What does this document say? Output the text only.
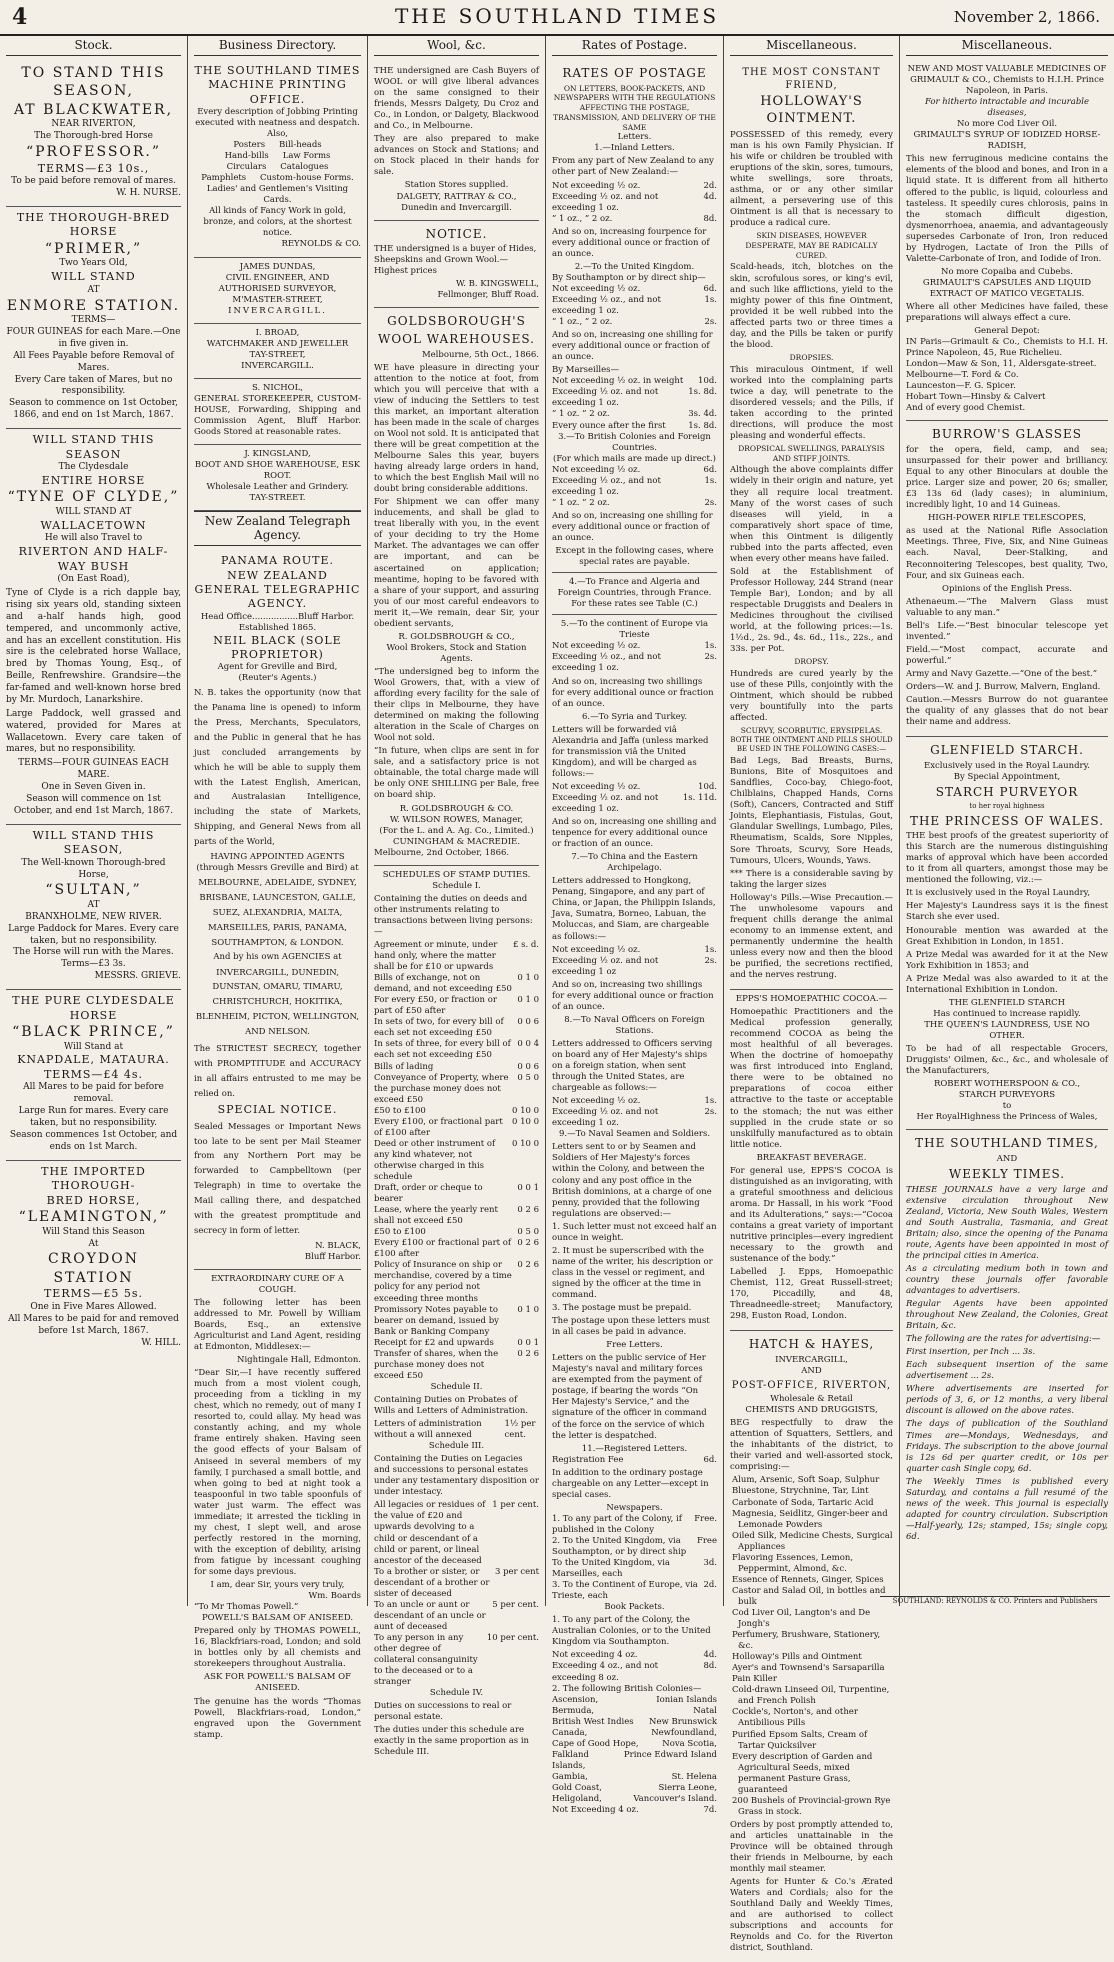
4	THE SOUTHLAND TIMES	November 2, 1866.
Stock.
TO STAND THIS SEASON,
AT BLACKWATER,
NEAR RIVERTON,
The Thorough-bred Horse
“PROFESSOR.”
TERMS—£3 10s.,
To be paid before removal of mares.
W. H. NURSE.
THE THOROUGH-BRED HORSE
“PRIMER,”
Two Years Old,
WILL STAND
AT
ENMORE STATION.
TERMS—
FOUR GUINEAS for each Mare.—One in five given in.
All Fees Payable before Removal of Mares.
Every Care taken of Mares, but no responsibility.
Season to commence on 1st October, 1866, and end on 1st March, 1867.
WILL STAND THIS SEASON
The Clydesdale
ENTIRE HORSE
“TYNE OF CLYDE,”
WILL STAND AT
WALLACETOWN
He will also Travel to
RIVERTON AND HALF-WAY BUSH
(On East Road),

Tyne of Clyde is a rich dapple bay, rising six years old, standing sixteen and a-half hands high, good tempered, and uncommonly active, and has an excellent constitution. His sire is the celebrated horse Wallace, bred by Thomas Young, Esq., of Beille, Renfrewshire. Grandsire—the far-famed and well-known horse bred by Mr. Murdoch, Lanarkshire.

Large Paddock, well grassed and watered, provided for Mares at Wallacetown. Every care taken of mares, but no responsibility.

TERMS—FOUR GUINEAS EACH MARE.
One in Seven Given in.
Season will commence on 1st October, and end 1st March, 1867.
WILL STAND THIS SEASON,
The Well-known Thorough-bred Horse,
“SULTAN,”
AT
BRANXHOLME, NEW RIVER.
Large Paddock for Mares. Every care taken, but no responsibility.
The Horse will run with the Mares.
Terms—£3 3s.
MESSRS. GRIEVE.
THE PURE CLYDESDALE HORSE
“BLACK PRINCE,”
Will Stand at
KNAPDALE, MATAURA.
TERMS—£4 4s.
All Mares to be paid for before removal.
Large Run for mares. Every care taken, but no responsibility.
Season commences 1st October, and ends on 1st March.
THE IMPORTED THOROUGH-
BRED HORSE,
“LEAMINGTON,”
Will Stand this Season
At
CROYDON STATION
TERMS—£5 5s.
One in Five Mares Allowed.
All Mares to be paid for and removed before 1st March, 1867.
W. HILL.
Business Directory.
THE SOUTHLAND TIMES
MACHINE PRINTING OFFICE.
Every description of Jobbing Printing executed with neatness and despatch.
Also,
Posters   Bill-heads
Hand-bills   Law Forms
Circulars   Catalogues
Pamphlets   Custom-house Forms.
Ladies' and Gentlemen's Visiting Cards.
All kinds of Fancy Work in gold, bronze, and colors, at the shortest notice.
REYNOLDS & CO.
JAMES DUNDAS,
CIVIL ENGINEER, AND AUTHORISED SURVEYOR,
M'MASTER-STREET,
INVERCARGILL.
I. BROAD,
WATCHMAKER AND JEWELLER
TAY-STREET,
INVERCARGILL.
S. NICHOL,
GENERAL STOREKEEPER, CUSTOM-HOUSE, Forwarding, Shipping and Commission Agent, Bluff Harbor. Goods Stored at reasonable rates.
J. KINGSLAND,
BOOT AND SHOE WAREHOUSE, ESK ROOT.
Wholesale Leather and Grindery.
TAY-STREET.
New Zealand Telegraph Agency.
PANAMA ROUTE.
NEW ZEALAND GENERAL TELEGRAPHIC AGENCY.
Head Office.................Bluff Harbor.
Established 1865.
NEIL BLACK (SOLE PROPRIETOR)
Agent for Greville and Bird,
(Reuter's Agents.)

N. B. takes the opportunity (now that the Panama line is opened) to inform the Press, Merchants, Speculators, and the Public in general that he has just concluded arrangements by which he will be able to supply them with the Latest English, American, and Australasian Intelligence, including the state of Markets, Shipping, and General News from all parts of the World,

HAVING APPOINTED AGENTS
(through Messrs Greville and Bird) at

MELBOURNE, ADELAIDE, SYDNEY, BRISBANE, LAUNCESTON, GALLE, SUEZ, ALEXANDRIA, MALTA, MARSEILLES, PARIS, PANAMA, SOUTHAMPTON, & LONDON.

And by his own AGENCIES at

INVERCARGILL, DUNEDIN, DUNSTAN, OMARU, TIMARU, CHRISTCHURCH, HOKITIKA, BLENHEIM, PICTON, WELLINGTON, AND NELSON.

The STRICTEST SECRECY, together with PROMPTITUDE and ACCURACY in all affairs entrusted to me may be relied on.

SPECIAL NOTICE.

Sealed Messages or Important News too late to be sent per Mail Steamer from any Northern Port may be forwarded to Campbelltown (per Telegraph) in time to overtake the Mail calling there, and despatched with the greatest promptitude and secrecy in form of letter.

N. BLACK,
Bluff Harbor.
EXTRAORDINARY CURE OF A COUGH.

The following letter has been addressed to Mr. Powell by William Boards, Esq., an extensive Agriculturist and Land Agent, residing at Edmonton, Middlesex:—

Nightingale Hall, Edmonton.

“Dear Sir,—I have recently suffered much from a most violent cough, proceeding from a tickling in my chest, which no remedy, out of many I resorted to, could allay. My head was constantly aching, and my whole frame entirely shaken. Having seen the good effects of your Balsam of Aniseed in several members of my family, I purchased a small bottle, and when going to bed at night took a teaspoonful in two table spoonfuls of water just warm. The effect was immediate; it arrested the tickling in my chest, I slept well, and arose perfectly restored in the morning, with the exception of debility, arising from fatigue by incessant coughing for some days previous.

I am, dear Sir, yours very truly,
Wm. Boards
“To Mr Thomas Powell.”
POWELL'S BALSAM OF ANISEED.

Prepared only by THOMAS POWELL, 16, Blackfriars-road, London; and sold in bottles only by all chemists and storekeepers throughout Australia.

ASK FOR POWELL'S BALSAM OF ANISEED.

The genuine has the words “Thomas Powell, Blackfriars-road, London,” engraved upon the Government stamp.

Wool, &c.

THE undersigned are Cash Buyers of WOOL or will give liberal advances on the same consigned to their friends, Messrs Dalgety, Du Croz and Co., in London, or Dalgety, Blackwood and Co., in Melbourne.

They are also prepared to make advances on Stock and Stations; and on Stock placed in their hands for sale.

Station Stores supplied.
DALGETY, RATTRAY & CO.,
Dunedin and Invercargill.
NOTICE.

THE undersigned is a buyer of Hides, Sheepskins and Grown Wool.—Highest prices

W. B. KINGSWELL,
Fellmonger, Bluff Road.
GOLDSBOROUGH'S
WOOL WAREHOUSES.
Melbourne, 5th Oct., 1866.

WE have pleasure in directing your attention to the notice at foot, from which you will perceive that with a view of inducing the Settlers to test this market, an important alteration has been made in the scale of charges on Wool not sold. It is anticipated that there will be great competition at the Melbourne Sales this year, buyers having already large orders in hand, to which the best English Mail will no doubt bring considerable additions.

For Shipment we can offer many inducements, and shall be glad to treat liberally with you, in the event of your deciding to try the Home Market. The advantages we can offer are important, and can be ascertained on application; meantime, hoping to be favored with a share of your support, and assuring you of our most careful endeavors to merit it,—We remain, dear Sir, your obedient servants,

R. GOLDSBROUGH & CO.,
Wool Brokers, Stock and Station Agents.

“The undersigned beg to inform the Wool Growers, that, with a view of affording every facility for the sale of their clips in Melbourne, they have determined on making the following alteration in the Scale of Charges on Wool not sold.

“In future, when clips are sent in for sale, and a satisfactory price is not obtainable, the total charge made will be only ONE SHILLING per Bale, free on board ship.

R. GOLDSBROUGH & CO.
W. WILSON ROWES, Manager,
(For the L. and A. Ag. Co., Limited.)
CUNINGHAM & MACREDIE.
Melbourne, 2nd October, 1866.
SCHEDULES OF STAMP DUTIES.
Schedule I.

Containing the duties on deeds and other instruments relating to transactions between living persons:—

Agreement or minute, under hand only, where the matter shall be for £10 or upwards
£ s. d.
Bills of exchange, not on demand, and not exceeding £50
0 1 0
For every £50, or fraction or part of £50 after
0 1 0
In sets of two, for every bill of each set not exceeding £50
0 0 6
In sets of three, for every bill of each set not exceeding £50
0 0 4
Bills of lading	0 0 6
Conveyance of Property, where the purchase money does not exceed £50
0 5 0
£50 to £100	0 10 0
Every £100, or fractional part of £100 after
0 10 0
Deed or other instrument of any kind whatever, not otherwise charged in this schedule
0 10 0
Draft, order or cheque to bearer
0 0 1
Lease, where the yearly rent shall not exceed £50
0 2 6
£50 to £100	0 5 0
Every £100 or fractional part of £100 after
0 2 6
Policy of Insurance on ship or merchandise, covered by a time policy for any period not exceeding three months
0 2 6
Promissory Notes payable to bearer on demand, issued by Bank or Banking Company
0 1 0
Receipt for £2 and upwards	0 0 1
Transfer of shares, when the purchase money does not exceed £50
0 2 6
Schedule II.

Containing Duties on Probates of Wills and Letters of Administration.

Letters of administration without a will annexed
1½ per cent.
Schedule III.

Containing the Duties on Legacies and successions to personal estates under any testamentary disposition or under intestacy.

All legacies or residues of the value of £20 and upwards devolving to a child or descendant of a child or parent, or lineal ancestor of the deceased
1 per cent.
To a brother or sister, or descendant of a brother or sister of deceased
3 per cent
To an uncle or aunt or descendant of an uncle or aunt of deceased
5 per cent.
To any person in any other degree of collateral consanguinity to the deceased or to a stranger
10 per cent.
Schedule IV.

Duties on successions to real or personal estate.

The duties under this schedule are exactly in the same proportion as in Schedule III.

Rates of Postage.
RATES OF POSTAGE
ON LETTERS, BOOK-PACKETS, AND NEWSPAPERS WITH THE REGULATIONS AFFECTING THE POSTAGE, TRANSMISSION, AND DELIVERY OF THE SAME
Letters.
1.—Inland Letters.

From any part of New Zealand to any other part of New Zealand:—

Not exceeding ½ oz.	2d.
Exceeding ½ oz. and not exceeding 1 oz.
4d.
” 1 oz., ” 2 oz.	8d.

And so on, increasing fourpence for every additional ounce or fraction of an ounce.

2.—To the United Kingdom.
By Southampton or by direct ship—
Not exceeding ½ oz.	6d.
Exceeding ½ oz., and not exceeding 1 oz.
1s.
” 1 oz., ” 2 oz.	2s.

And so on, increasing one shilling for every additional ounce or fraction of an ounce.

By Marseilles—
Not exceeding ½ oz. in weight 10d.
Exceeding ½ oz. and not exceeding 1 oz.
1s. 8d.
” 1 oz. ” 2 oz.	3s. 4d.
Every ounce after the first	1s. 8d.
3.—To British Colonies and Foreign Countries.
(For which mails are made up direct.)
Not exceeding ½ oz.	6d.
Exceeding ½ oz., and not exceeding 1 oz.
1s.
” 1 oz. ” 2 oz.	2s.

And so on, increasing one shilling for every additional ounce or fraction of an ounce.

Except in the following cases, where special rates are payable.

4.—To France and Algeria and Foreign Countries, through France.
For these rates see Table (C.)
5.—To the continent of Europe via Trieste
Not exceeding ½ oz.	1s.
Exceeding ½ oz., and not exceeding 1 oz.
2s.

And so on, increasing two shillings for every additional ounce or fraction of an ounce.

6.—To Syria and Turkey.

Letters will be forwarded viâ Alexandria and Jaffa (unless marked for transmission viâ the United Kingdom), and will be charged as follows:—

Not exceeding ½ oz.	10d.
Exceeding ½ oz. and not exceeding 1 oz.
1s. 11d.

And so on, increasing one shilling and tenpence for every additional ounce or fraction of an ounce.

7.—To China and the Eastern Archipelago.

Letters addressed to Hongkong, Penang, Singapore, and any part of China, or Japan, the Philippin Islands, Java, Sumatra, Borneo, Labuan, the Moluccas, and Siam, are chargeable as follows:—

Not exceeding ½ oz.	1s.
Exceeding ½ oz. and not exceeding 1 oz
2s.

And so on, increasing two shillings for every additional ounce or fraction of an ounce.

8.—To Naval Officers on Foreign Stations.

Letters addressed to Officers serving on board any of Her Majesty's ships on a foreign station, when sent through the United States, are chargeable as follows:—

Not exceeding ½ oz.	1s.
Exceeding ½ oz. and not exceeding 1 oz.
2s.
9.—To Naval Seamen and Soldiers.

Letters sent to or by Seamen and Soldiers of Her Majesty's forces within the Colony, and between the colony and any post office in the British dominions, at a charge of one penny, provided that the following regulations are observed:—

1. Such letter must not exceed half an ounce in weight.

2. It must be superscribed with the name of the writer, his description or class in the vessel or regiment, and signed by the officer at the time in command.

3. The postage must be prepaid.

The postage upon these letters must in all cases be paid in advance.

Free Letters.

Letters on the public service of Her Majesty's naval and military forces are exempted from the payment of postage, if bearing the words “On Her Majesty's Service,” and the signature of the officer in command of the force on the service of which the letter is despatched.

11.—Registered Letters.
Registration Fee	6d.

In addition to the ordinary postage chargeable on any Letter—except in special cases.

Newspapers.
1. To any part of the Colony, if published in the Colony
Free.
2. To the United Kingdom, via Southampton, or by direct ship
Free
To the United Kingdom, via Marseilles, each
3d.
3. To the Continent of Europe, via Trieste, each
2d.
Book Packets.

1. To any part of the Colony, the Australian Colonies, or to the United Kingdom via Southampton.

Not exceeding 4 oz.	4d.
Exceeding 4 oz., and not exceeding 8 oz.
8d.
2. The following British Colonies—
Ascension,	Ionian Islands
Bermuda,	Natal
British West Indies New Brunswick
Canada,	Newfoundland,
Cape of Good Hope,	Nova Scotia,
Falkland Islands,
Prince Edward Island
Gambia,	St. Helena
Gold Coast,	Sierra Leone,
Heligoland,	Vancouver's Island.
Not Exceeding 4 oz.	7d.
Miscellaneous.
THE MOST CONSTANT FRIEND,
HOLLOWAY'S OINTMENT.

POSSESSED of this remedy, every man is his own Family Physician. If his wife or children be troubled with eruptions of the skin, sores, tumours, white swellings, sore throats, asthma, or or any other similar ailment, a persevering use of this Ointment is all that is necessary to produce a radical cure.

SKIN DISEASES, HOWEVER DESPERATE, MAY BE RADICALLY CURED.

Scald-heads, itch, blotches on the skin, scrofulous sores, or king's evil, and such like afflictions, yield to the mighty power of this fine Ointment, provided it be well rubbed into the affected parts two or three times a day, and the Pills be taken or purify the blood.

DROPSIES.

This miraculous Ointment, if well worked into the complaining parts twice a day, will penetrate to the disordered vessels; and the Pills, if taken according to the printed directions, will produce the most pleasing and wonderful effects.

DROPSICAL SWELLINGS, PARALYSIS AND STIFF JOINTS.

Although the above complaints differ widely in their origin and nature, yet they all require local treatment. Many of the worst cases of such diseases will yield, in a comparatively short space of time, when this Ointment is diligently rubbed into the parts affected, even when every other means have failed.

Sold at the Establishment of Professor Holloway, 244 Strand (near Temple Bar), London; and by all respectable Druggists and Dealers in Medicines throughout the civilised world, at the following prices:—1s. 1½d., 2s. 9d., 4s. 6d., 11s., 22s., and 33s. per Pot.

DROPSY.

Hundreds are cured yearly by the use of these Pills, conjointly with the Ointment, which should be rubbed very bountifully into the parts affected.

SCURVY, SCORBUTIC, ERYSIPELAS.
BOTH THE OINTMENT AND PILLS SHOULD BE USED IN THE FOLLOWING CASES:—

Bad Legs, Bad Breasts, Burns, Bunions, Bite of Mosquitoes and Sandflies, Coco-bay, Chiego-foot, Chilblains, Chapped Hands, Corns (Soft), Cancers, Contracted and Stiff Joints, Elephantiasis, Fistulas, Gout, Glandular Swellings, Lumbago, Piles, Rheumatism, Scalds, Sore Nipples, Sore Throats, Scurvy, Sore Heads, Tumours, Ulcers, Wounds, Yaws.

*** There is a considerable saving by taking the larger sizes

Holloway's Pills.—Wise Precaution.—The unwholesome vapours and frequent chills derange the animal economy to an immense extent, and permanently undermine the health unless every now and then the blood be purified, the secretions rectified, and the nerves restrung.

EPPS'S HOMOEPATHIC COCOA.—

Homoepathic Practitioners and the Medical profession generally, recommend COCOA as being the most healthful of all beverages. When the doctrine of homoepathy was first introduced into England, there were to be obtained no preparations of cocoa either attractive to the taste or acceptable to the stomach; the nut was either supplied in the crude state or so unskilfully manufactured as to obtain little notice.

BREAKFAST BEVERAGE.

For general use, EPPS'S COCOA is distinguished as an invigorating, with a grateful smoothness and delicious aroma. Dr Hassall, in his work “Food and its Adulterations,” says:—“Cocoa contains a great variety of important nutritive principles—every ingredient necessary to the growth and sustenance of the body.”

Labelled J. Epps, Homoepathic Chemist, 112, Great Russell-street; 170, Piccadilly, and 48, Threadneedle-street; Manufactory, 298, Euston Road, London.

HATCH & HAYES,
INVERCARGILL,
AND
POST-OFFICE, RIVERTON,
Wholesale & Retail
CHEMISTS AND DRUGGISTS,

BEG respectfully to draw the attention of Squatters, Settlers, and the inhabitants of the district, to their varied and well-assorted stock, comprising:—

Alum, Arsenic, Soft Soap, Sulphur
Bluestone, Strychnine, Tar, Lint
Carbonate of Soda, Tartaric Acid
Magnesia, Seidlitz, Ginger-beer and Lemonade Powders
Oiled Silk, Medicine Chests, Surgical Appliances
Flavoring Essences, Lemon, Peppermint, Almond, &c.
Essence of Rennets, Ginger, Spices
Castor and Salad Oil, in bottles and bulk
Cod Liver Oil, Langton's and De Jongh's
Perfumery, Brushware, Stationery, &c.
Holloway's Pills and Ointment
Ayer's and Townsend's Sarsaparilla
Pain Killer
Cold-drawn Linseed Oil, Turpentine, and French Polish
Cockle's, Norton's, and other Antibilious Pills
Purified Epsom Salts, Cream of Tartar Quicksilver
Every description of Garden and Agricultural Seeds, mixed permanent Pasture Grass, guaranteed
200 Bushels of Provincial-grown Rye Grass in stock.

Orders by post promptly attended to, and articles unattainable in the Province will be obtained through their friends in Melbourne, by each monthly mail steamer.

Agents for Hunter & Co.'s Ærated Waters and Cordials; also for the Southland Daily and Weekly Times, and are authorised to collect subscriptions and accounts for Reynolds and Co. for the Riverton district, Southland.

Miscellaneous.
NEW AND MOST VALUABLE MEDICINES OF
GRIMAULT & CO., Chemists to H.I.H. Prince Napoleon, in Paris.
For hitherto intractable and incurable diseases,
No more Cod Liver Oil.
GRIMAULT'S SYRUP OF IODIZED HORSE-RADISH,

This new ferruginous medicine contains the elements of the blood and bones, and Iron in a liquid state. It is different from all hitherto offered to the public, is liquid, colourless and tasteless. It speedily cures chlorosis, pains in the stomach difficult digestion, dysmenorrhoea, anaemia, and advantageously supersedes Carbonate of Iron, Iron reduced by Hydrogen, Lactate of Iron the Pills of Valette-Carbonate of Iron, and Iodide of Iron.

No more Copaiba and Cubebs.
GRIMAULT'S CAPSULES AND LIQUID EXTRACT OF MATICO VEGETALIS.

Where all other Medicines have failed, these preparations will always effect a cure.

General Depot:
IN Paris—Grimault & Co., Chemists to H.I. H. Prince Napoleon, 45, Rue Richelieu.
London—Maw & Son, 11, Aldersgate-street.
Melbourne—T. Ford & Co.
Launceston—F. G. Spicer.
Hobart Town—Hinsby & Calvert
And of every good Chemist.
BURROW'S GLASSES

for the opera, field, camp, and sea; unsurpassed for their power and brilliancy. Equal to any other Binoculars at double the price. Larger size and power, 20 6s; smaller, £3 13s 6d (lady cases); in aluminium, incredibly light, 10 and 14 Guineas.

HIGH-POWER RIFLE TELESCOPES,

as used at the National Rifle Association Meetings. Three, Five, Six, and Nine Guineas each. Naval, Deer-Stalking, and Reconnoitering Telescopes, best quality, Two, Four, and six Guineas each.

Opinions of the English Press.

Athenaeum.—“The Malvern Glass must valuable to any man.”

Bell's Life.—“Best binocular telescope yet invented.”

Field.—“Most compact, accurate and powerful.”

Army and Navy Gazette.—“One of the best.”

Orders—W. and J. Burrow, Malvern, England.

Caution.—Messrs Burrow do not guarantee the quality of any glasses that do not bear their name and address.

GLENFIELD STARCH.
Exclusively used in the Royal Laundry.
By Special Appointment,
STARCH PURVEYOR
to her royal highness
THE PRINCESS OF WALES.

THE best proofs of the greatest superiority of this Starch are the numerous distinguishing marks of approval which have been accorded to it from all quarters, amongst those may be mentioned the following, viz.:—

It is exclusively used in the Royal Laundry,

Her Majesty's Laundress says it is the finest Starch she ever used.

Honourable mention was awarded at the Great Exhibition in London, in 1851.

A Prize Medal was awarded for it at the New York Exhibition in 1853; and

A Prize Medal was also awarded to it at the International Exhibition in London.

THE GLENFIELD STARCH
Has continued to increase rapidly.
THE QUEEN'S LAUNDRESS, USE NO OTHER.

To be had of all respectable Grocers, Druggists' Oilmen, &c., &c., and wholesale of the Manufacturers,

ROBERT WOTHERSPOON & CO.,
STARCH PURVEYORS
to
Her RoyalHighness the Princess of Wales,
THE SOUTHLAND TIMES,
AND
WEEKLY TIMES.

THESE JOURNALS have a very large and extensive circulation throughout New Zealand, Victoria, New South Wales, Western and South Australia, Tasmania, and Great Britain; also, since the opening of the Panama route, Agents have been appointed in most of the principal cities in America.

As a circulating medium both in town and country these journals offer favorable advantages to advertisers.

Regular Agents have been appointed throughout New Zealand, the Colonies, Great Britain, &c.

The following are the rates for advertising:—

First insertion, per Inch ... 3s.

Each subsequent insertion of the same advertisement ... 2s.

Where advertisements are inserted for periods of 3, 6, or 12 months, a very liberal discount is allowed on the above rates.

The days of publication of the Southland Times are—Mondays, Wednesdays, and Fridays. The subscription to the above journal is 12s 6d per quarter credit, or 10s per quarter cash Single copy, 6d.

The Weekly Times is published every Saturday, and contains a full resumé of the news of the week. This journal is especially adapted for country circulation. Subscription—Half-yearly, 12s; stamped, 15s; single copy, 6d.

SOUTHLAND: REYNOLDS & CO. Printers and Publishers
